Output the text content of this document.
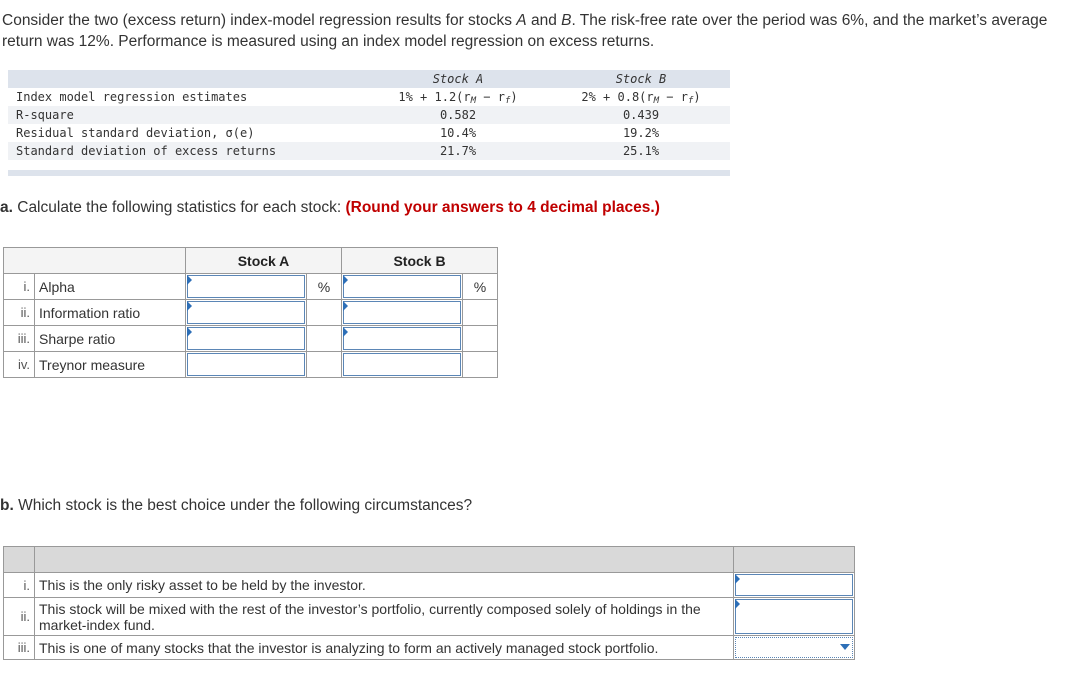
Consider the two (excess return) index-model regression results for stocks A and B. The risk-free rate over the period was 6%, and the market’s average return was 12%. Performance is measured using an index model regression on excess returns.
Stock A	Stock B
Index model regression estimates	$1\% + 1.2(r_M - r_f)$	$2\% + 0.8(r_M - r_f)$
R-square	0.582	0.439
Residual standard deviation, σ(e)	10.4%	19.2%
Standard deviation of excess returns	21.7%	25.1%
a. Calculate the following statistics for each stock: (Round your answers to 4 decimal places.)
		Stock A		Stock B	
i.	Alpha		%		%
ii.	Information ratio	

iii.	Sharpe ratio	

iv.	Treynor measure	

b. Which stock is the best choice under the following circumstances?

i.	This is the only risky asset to be held by the investor.	

ii.	This stock will be mixed with the rest of the investor’s portfolio, currently composed solely of holdings in the market-index fund.	

iii.	This is one of many stocks that the investor is analyzing to form an actively managed stock portfolio.	
